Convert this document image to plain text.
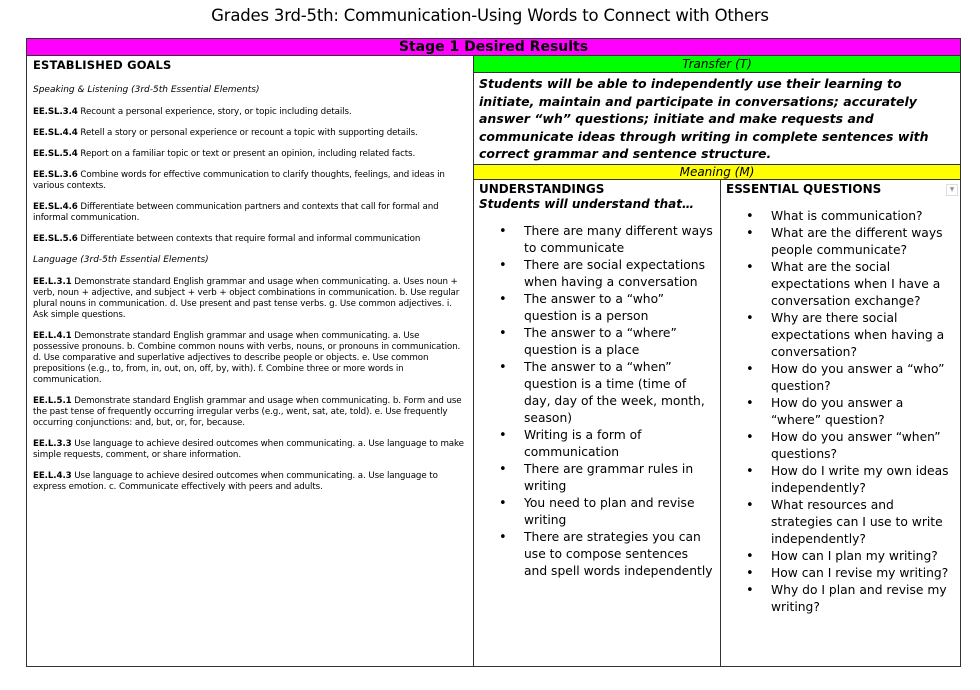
Grades 3rd-5th: Communication-Using Words to Connect with Others
Stage 1 Desired Results
ESTABLISHED GOALS
Speaking & Listening (3rd-5th Essential Elements)
EE.SL.3.4 Recount a personal experience, story, or topic including details.
EE.SL.4.4 Retell a story or personal experience or recount a topic with supporting details.
EE.SL.5.4 Report on a familiar topic or text or present an opinion, including related facts.
EE.SL.3.6 Combine words for effective communication to clarify thoughts, feelings, and ideas in various contexts.
EE.SL.4.6 Differentiate between communication partners and contexts that call for formal and informal communication.
EE.SL.5.6 Differentiate between contexts that require formal and informal communication
Language (3rd-5th Essential Elements)
EE.L.3.1 Demonstrate standard English grammar and usage when communicating. a. Uses noun + verb, noun + adjective, and subject + verb + object combinations in communication. b. Use regular plural nouns in communication. d. Use present and past tense verbs. g. Use common adjectives. i. Ask simple questions.
EE.L.4.1 Demonstrate standard English grammar and usage when communicating. a. Use possessive pronouns. b. Combine common nouns with verbs, nouns, or pronouns in communication. d. Use comparative and superlative adjectives to describe people or objects. e. Use common prepositions (e.g., to, from, in, out, on, off, by, with). f. Combine three or more words in communication.
EE.L.5.1 Demonstrate standard English grammar and usage when communicating. b. Form and use the past tense of frequently occurring irregular verbs (e.g., went, sat, ate, told). e. Use frequently occurring conjunctions: and, but, or, for, because.
EE.L.3.3 Use language to achieve desired outcomes when communicating. a. Use language to make simple requests, comment, or share information.
EE.L.4.3 Use language to achieve desired outcomes when communicating. a. Use language to express emotion. c. Communicate effectively with peers and adults.
Transfer (T)
Students will be able to independently use their learning to initiate, maintain and participate in conversations; accurately answer “wh” questions; initiate and make requests and communicate ideas through writing in complete sentences with correct grammar and sentence structure.
Meaning (M)
UNDERSTANDINGS
Students will understand that…
• There are many different ways to communicate
• There are social expectations when having a conversation
• The answer to a “who” question is a person
• The answer to a “where” question is a place
• The answer to a “when” question is a time (time of day, day of the week, month, season)
• Writing is a form of communication
• There are grammar rules in writing
• You need to plan and revise writing
• There are strategies you can use to compose sentences and spell words independently
ESSENTIAL QUESTIONS	▼
• What is communication?
• What are the different ways people communicate?
• What are the social expectations when I have a conversation exchange?
• Why are there social expectations when having a conversation?
• How do you answer a “who” question?
• How do you answer a “where” question?
• How do you answer “when” questions?
• How do I write my own ideas independently?
• What resources and strategies can I use to write independently?
• How can I plan my writing?
• How can I revise my writing?
• Why do I plan and revise my writing?
